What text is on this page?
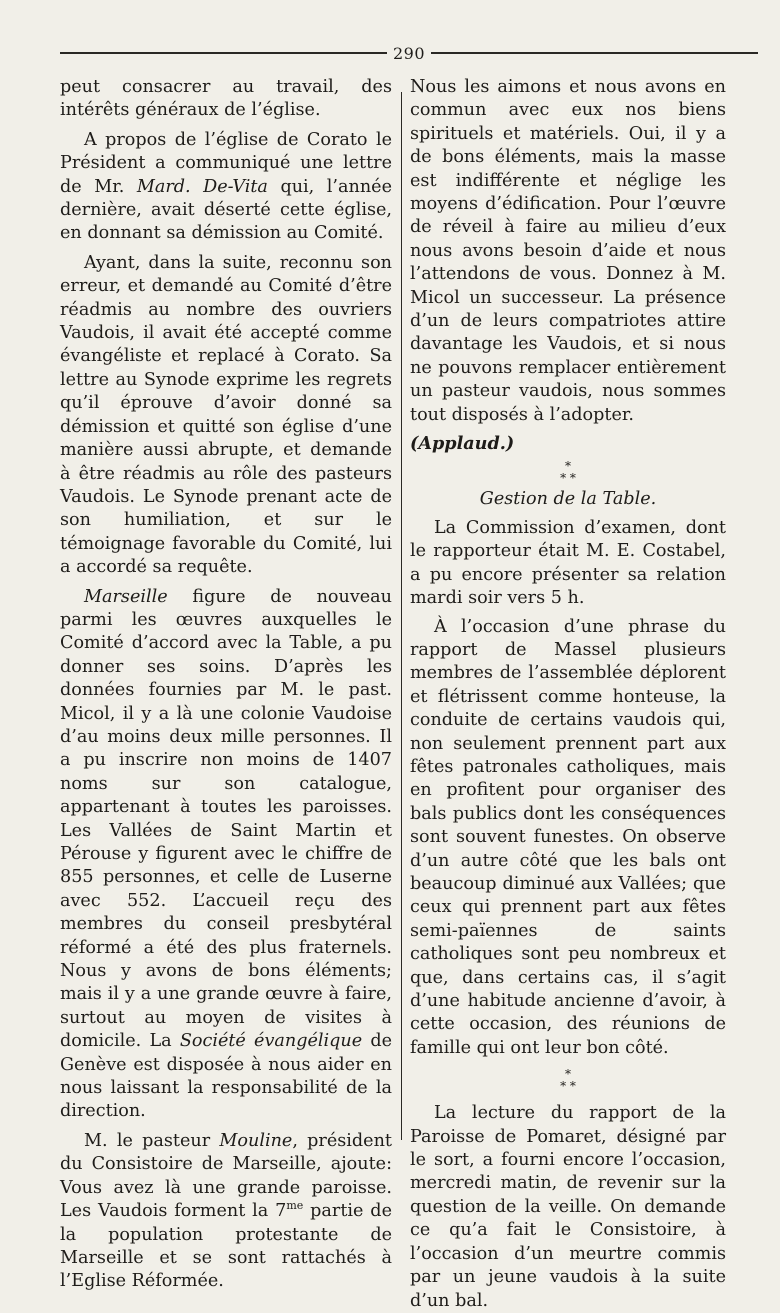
290

peut consacrer au travail, des intérêts généraux de l’église.

A propos de l’église de Corato le Président a communiqué une lettre de Mr. Mard. De-Vita qui, l’année dernière, avait déserté cette église, en donnant sa démission au Comité.

Ayant, dans la suite, reconnu son erreur, et demandé au Comité d’être réadmis au nombre des ouvriers Vaudois, il avait été accepté comme évangéliste et replacé à Corato. Sa lettre au Synode exprime les regrets qu’il éprouve d’avoir donné sa démission et quitté son église d’une manière aussi abrupte, et demande à être réadmis au rôle des pasteurs Vaudois. Le Synode prenant acte de son humiliation, et sur le témoignage favorable du Comité, lui a accordé sa requête.

Marseille figure de nouveau parmi les œuvres auxquelles le Comité d’accord avec la Table, a pu donner ses soins. D’après les données fournies par M. le past. Micol, il y a là une colonie Vaudoise d’au moins deux mille personnes. Il a pu inscrire non moins de 1407 noms sur son catalogue, appartenant à toutes les paroisses. Les Vallées de Saint Martin et Pérouse y figurent avec le chiffre de 855 personnes, et celle de Luserne avec 552. L’accueil reçu des membres du conseil presbytéral réformé a été des plus fraternels. Nous y avons de bons éléments; mais il y a une grande œuvre à faire, surtout au moyen de visites à domicile. La Société évangélique de Genève est disposée à nous aider en nous laissant la responsabilité de la direction.

M. le pasteur Mouline, président du Consistoire de Marseille, ajoute: Vous avez là une grande paroisse. Les Vaudois forment la $7^{me}$ partie de la population protestante de Marseille et se sont rattachés à l’Eglise Réformée.

Nous les aimons et nous avons en commun avec eux nos biens spirituels et matériels. Oui, il y a de bons éléments, mais la masse est indifférente et néglige les moyens d’édification. Pour l’œuvre de réveil à faire au milieu d’eux nous avons besoin d’aide et nous l’attendons de vous. Donnez à M. Micol un successeur. La présence d’un de leurs compatriotes attire davantage les Vaudois, et si nous ne pouvons remplacer entièrement un pasteur vaudois, nous sommes tout disposés à l’adopter.

(Applaud.)

*
* *
Gestion de la Table.

La Commission d’examen, dont le rapporteur était M. E. Costabel, a pu encore présenter sa relation mardi soir vers 5 h.

À l’occasion d’une phrase du rapport de Massel plusieurs membres de l’assemblée déplorent et flétrissent comme honteuse, la conduite de certains vaudois qui, non seulement prennent part aux fêtes patronales catholiques, mais en profitent pour organiser des bals publics dont les conséquences sont souvent funestes. On observe d’un autre côté que les bals ont beaucoup diminué aux Vallées; que ceux qui prennent part aux fêtes semi-païennes de saints catholiques sont peu nombreux et que, dans certains cas, il s’agit d’une habitude ancienne d’avoir, à cette occasion, des réunions de famille qui ont leur bon côté.

*
* *

La lecture du rapport de la Paroisse de Pomaret, désigné par le sort, a fourni encore l’occasion, mercredi matin, de revenir sur la question de la veille. On demande ce qu’a fait le Consistoire, à l’occasion d’un meurtre commis par un jeune vaudois à la suite d’un bal.
